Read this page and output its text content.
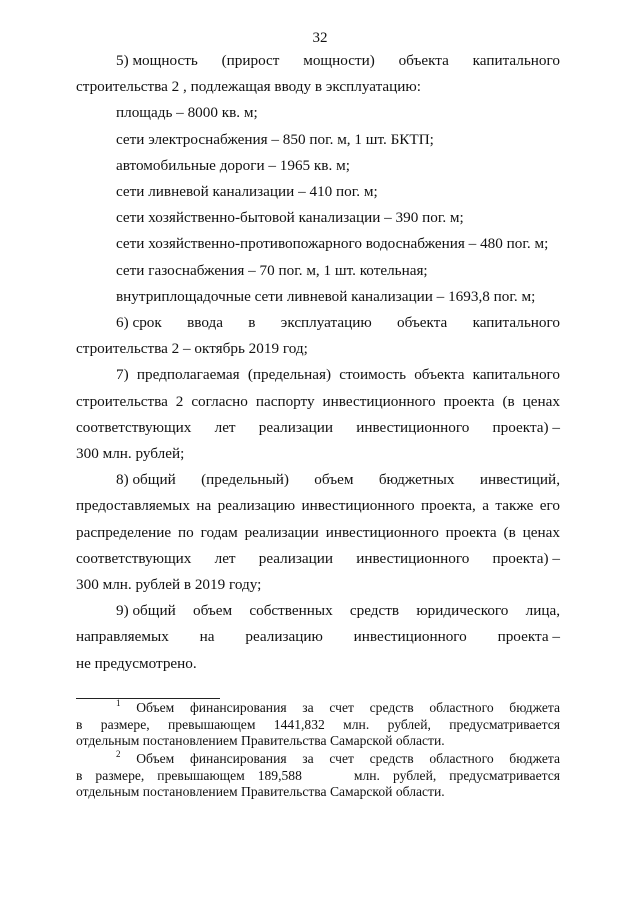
32
5) мощность (прирост мощности) объекта капитального

строительства 2 , подлежащая вводу в эксплуатацию:

площадь – 8000 кв. м;

сети электроснабжения – 850 пог. м, 1 шт. БКТП;

автомобильные дороги – 1965 кв. м;

сети ливневой канализации – 410 пог. м;

сети хозяйственно-бытовой канализации – 390 пог. м;

сети хозяйственно-противопожарного водоснабжения – 480 пог. м;

сети газоснабжения – 70 пог. м, 1 шт. котельная;

внутриплощадочные сети ливневой канализации – 1693,8 пог. м;

6) срок ввода в эксплуатацию объекта капитального

строительства 2 – октябрь 2019 год;

7) предполагаемая (предельная) стоимость объекта капитального

строительства 2 согласно паспорту инвестиционного проекта (в ценах

соответствующих лет реализации инвестиционного проекта) –

300 млн. рублей;

8) общий (предельный) объем бюджетных инвестиций,

предоставляемых на реализацию инвестиционного проекта, а также его

распределение по годам реализации инвестиционного проекта (в ценах

соответствующих лет реализации инвестиционного проекта) –

300 млн. рублей в 2019 году;

9) общий объем собственных средств юридического лица,
направляемых на реализацию инвестиционного проекта –

не предусмотрено.

$^1$ Объем финансирования за счет средств областного бюджета

в размере, превышающем 1441,832 млн. рублей, предусматривается

отдельным постановлением Правительства Самарской области.

$^2$ Объем финансирования за счет средств областного бюджета

в размере, превышающем 189,588    млн. рублей, предусматривается

отдельным постановлением Правительства Самарской области.
